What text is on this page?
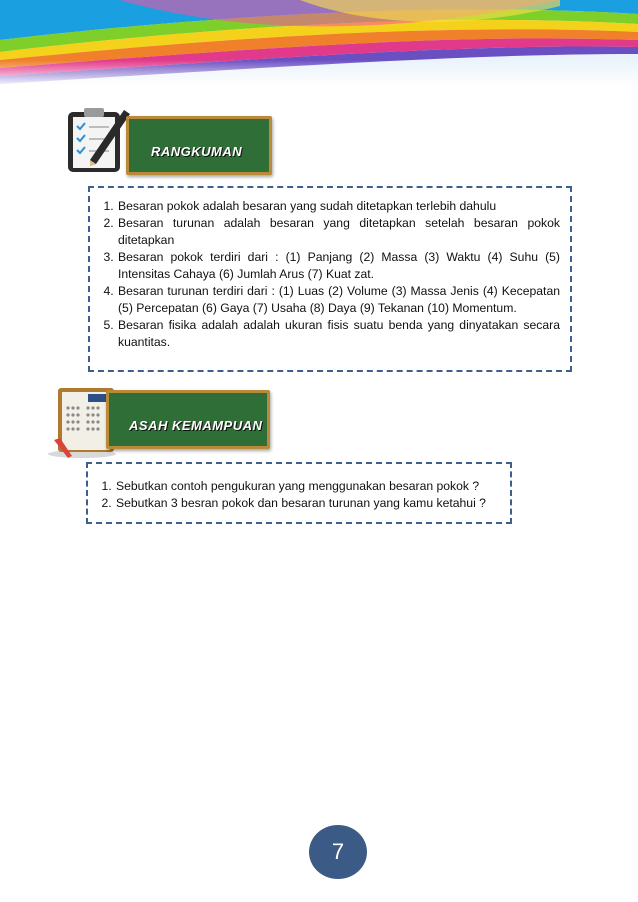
RANGKUMAN
1. Besaran pokok adalah besaran yang sudah ditetapkan terlebih dahulu
2. Besaran turunan adalah besaran yang ditetapkan setelah besaran pokok ditetapkan
3. Besaran pokok terdiri dari : (1) Panjang (2) Massa (3) Waktu (4) Suhu (5) Intensitas Cahaya (6) Jumlah Arus (7) Kuat zat.
4. Besaran turunan terdiri dari : (1) Luas (2) Volume (3) Massa Jenis (4) Kecepatan (5) Percepatan (6) Gaya (7) Usaha (8) Daya (9) Tekanan (10) Momentum.
5. Besaran fisika adalah adalah ukuran fisis suatu benda yang dinyatakan secara kuantitas.
ASAH KEMAMPUAN
1. Sebutkan contoh pengukuran yang menggunakan besaran pokok ?
2. Sebutkan 3 besran pokok dan besaran turunan yang kamu ketahui ?
7
